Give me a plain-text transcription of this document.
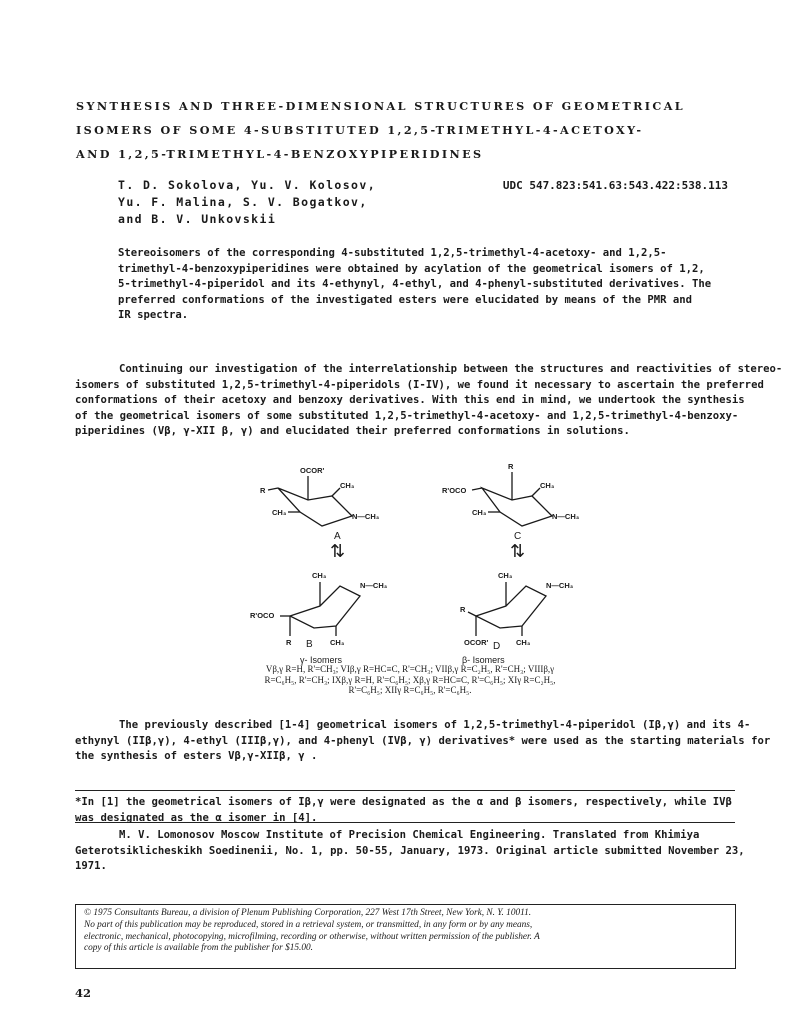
SYNTHESIS AND THREE-DIMENSIONAL STRUCTURES OF GEOMETRICAL
ISOMERS OF SOME 4-SUBSTITUTED 1,2,5-TRIMETHYL-4-ACETOXY-
AND 1,2,5-TRIMETHYL-4-BENZOXYPIPERIDINES
T. D. Sokolova, Yu. V. Kolosov,
Yu. F. Malina, S. V. Bogatkov,
and B. V. Unkovskii
UDC 547.823:541.63:543.422:538.113
Stereoisomers of the corresponding 4-substituted 1,2,5-trimethyl-4-acetoxy- and 1,2,5-
trimethyl-4-benzoxypiperidines were obtained by acylation of the geometrical isomers of 1,2,
5-trimethyl-4-piperidol and its 4-ethynyl, 4-ethyl, and 4-phenyl-substituted derivatives. The
preferred conformations of the investigated esters were elucidated by means of the PMR and
IR spectra.
Continuing our investigation of the interrelationship between the structures and reactivities of stereo-
isomers of substituted 1,2,5-trimethyl-4-piperidols (I-IV), we found it necessary to ascertain the preferred
conformations of their acetoxy and benzoxy derivatives. With this end in mind, we undertook the synthesis
of the geometrical isomers of some substituted 1,2,5-trimethyl-4-acetoxy- and 1,2,5-trimethyl-4-benzoxy-
piperidines (Vβ, γ-XII β, γ) and elucidated their preferred conformations in solutions.
OCOR'
R
CH₃
CH₃	N—CH₃
R
R'OCO
CH₃
CH₃	N—CH₃
CH₃
N—CH₃
R'OCO
R	CH₃
CH₃
N—CH₃
R
OCOR'	CH₃
A
⇅
C
⇅
B	D
γ- Isomers	β- Isomers
Vβ,γ R=H, R'=CH₃; VIβ,γ R=HC≡C, R'=CH₃; VIIβ,γ R=C₂H₅, R'=CH₃; VIIIβ,γ
R=C₆H₅, R'=CH₃; IXβ,γ R=H, R'=C₆H₅; Xβ,γ R=HC≡C, R'=C₆H₅; XIγ R=C₂H₅,
R'=C₆H₅; XIIγ R=C₆H₅, R'=C₆H₅.
The previously described [1-4] geometrical isomers of 1,2,5-trimethyl-4-piperidol (Iβ,γ) and its 4-
ethynyl (IIβ,γ), 4-ethyl (IIIβ,γ), and 4-phenyl (IVβ, γ) derivatives* were used as the starting materials for
the synthesis of esters Vβ,γ-XIIβ, γ .
*In [1] the geometrical isomers of Iβ,γ were designated as the α and β isomers, respectively, while IVβ
was designated as the α isomer in [4].
M. V. Lomonosov Moscow Institute of Precision Chemical Engineering. Translated from Khimiya
Geterotsiklicheskikh Soedinenii, No. 1, pp. 50-55, January, 1973. Original article submitted November 23,
1971.
© 1975 Consultants Bureau, a division of Plenum Publishing Corporation, 227 West 17th Street, New York, N. Y. 10011.
No part of this publication may be reproduced, stored in a retrieval system, or transmitted, in any form or by any means,
electronic, mechanical, photocopying, microfilming, recording or otherwise, without written permission of the publisher. A
copy of this article is available from the publisher for $15.00.
42
